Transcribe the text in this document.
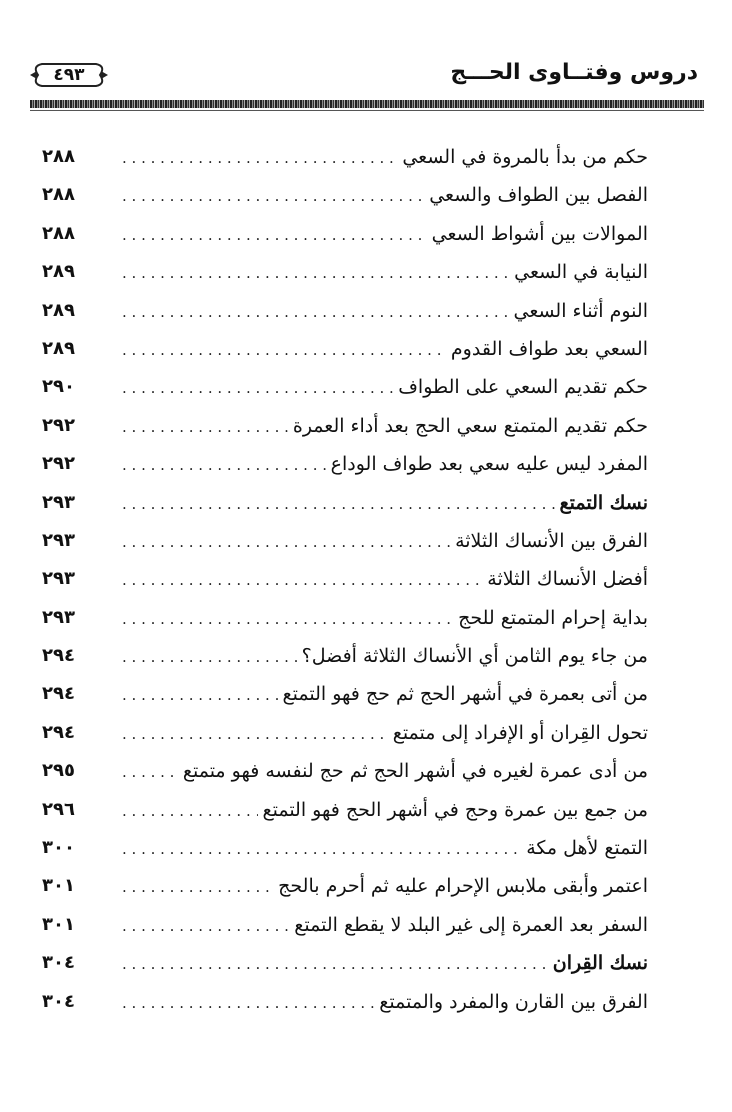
٤٩٣	دروس وفتــاوى الحـــج
حكم من بدأ بالمروة في السعي
. . .
٢٨٨
الفصل بين الطواف والسعي
. . .
٢٨٨
الموالات بين أشواط السعي
. . .
٢٨٨
النيابة في السعي
. . .
٢٨٩
النوم أثناء السعي
. . .
٢٨٩
السعي بعد طواف القدوم
. . .
٢٨٩
حكم تقديم السعي على الطواف
. . .
٢٩٠
حكم تقديم المتمتع سعي الحج بعد أداء العمرة
. . .
٢٩٢
المفرد ليس عليه سعي بعد طواف الوداع
. . .
٢٩٢
نسك التمتع
. . .
٢٩٣
الفرق بين الأنساك الثلاثة
. . .
٢٩٣
أفضل الأنساك الثلاثة
. . .
٢٩٣
بداية إحرام المتمتع للحج
. . .
٢٩٣
من جاء يوم الثامن أي الأنساك الثلاثة أفضل؟
. . .
٢٩٤
من أتى بعمرة في أشهر الحج ثم حج فهو التمتع
. . .
٢٩٤
تحول القِران أو الإفراد إلى متمتع
. . .
٢٩٤
من أدى عمرة لغيره في أشهر الحج ثم حج لنفسه فهو متمتع
. . .
٢٩٥
من جمع بين عمرة وحج في أشهر الحج فهو التمتع
. . .
٢٩٦
التمتع لأهل مكة
. . .
٣٠٠
اعتمر وأبقى ملابس الإحرام عليه ثم أحرم بالحج
. . .
٣٠١
السفر بعد العمرة إلى غير البلد لا يقطع التمتع
. . .
٣٠١
نسك القِران
. . .
٣٠٤
الفرق بين القارن والمفرد والمتمتع
. . .
٣٠٤
